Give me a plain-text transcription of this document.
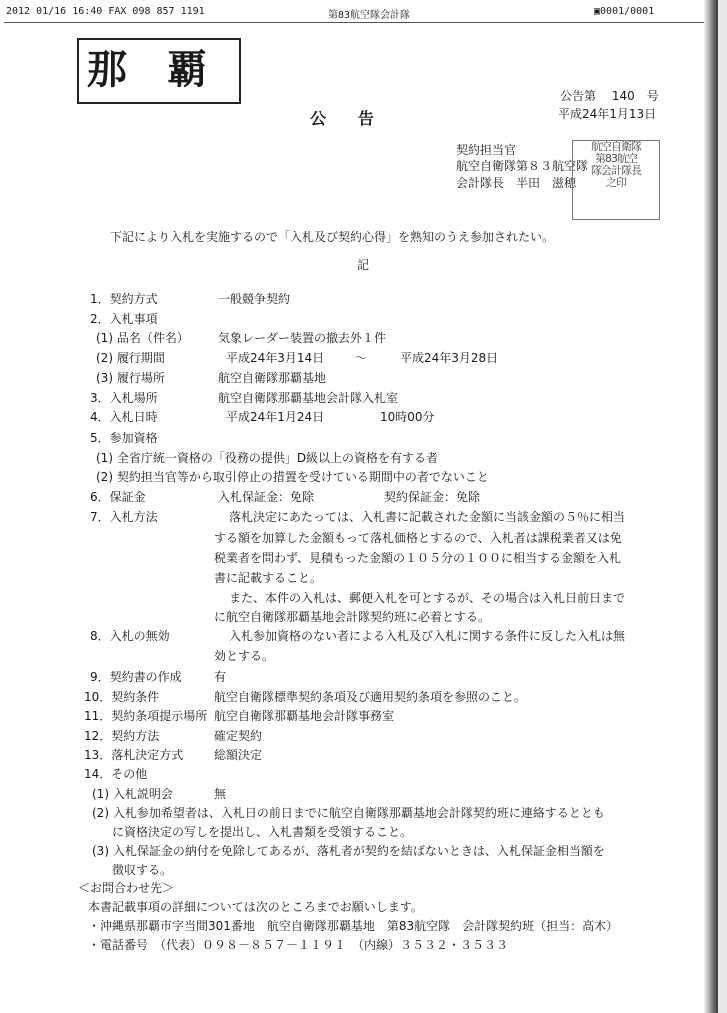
2012 01/16 16:40 FAX 098 857 1191	第83航空隊会計隊	▣0001/0001
那　覇
公　　告
公告第　 140　号
平成24年1月13日
契約担当官
航空自衛隊第８３航空隊
会計隊長　半田　滋穂
航空自衛隊
第83航空
隊会計隊長
之印
下記により入札を実施するので「入札及び契約心得」を熟知のうえ参加されたい。
記
1．契約方式	一般競争契約
2．入札事項
(1) 品名（件名） 気象レーダー装置の撤去外１件
(2) 履行期間	平成24年3月14日	～	平成24年3月28日
(3) 履行場所	航空自衛隊那覇基地
3．入札場所	航空自衛隊那覇基地会計隊入札室
4．入札日時	平成24年1月24日	10時00分
5．参加資格
(1) 全省庁統一資格の「役務の提供」D級以上の資格を有する者
(2) 契約担当官等から取引停止の措置を受けている期間中の者でないこと
6．保証金	入札保証金：免除	契約保証金：免除
7．入札方法	落札決定にあたっては、入札書に記載された金額に当該金額の５％に相当
する額を加算した金額もって落札価格とするので、入札者は課税業者又は免
税業者を問わず、見積もった金額の１０５分の１００に相当する金額を入札
書に記載すること。
また、本件の入札は、郵便入札を可とするが、その場合は入札日前日まで
に航空自衛隊那覇基地会計隊契約班に必着とする。
8．入札の無効	入札参加資格のない者による入札及び入札に関する条件に反した入札は無
効とする。
9．契約書の作成	有
10．契約条件	航空自衛隊標準契約条項及び適用契約条項を参照のこと。
11．契約条項提示場所 航空自衛隊那覇基地会計隊事務室
12．契約方法	確定契約
13．落札決定方式	総額決定
14．その他
(1) 入札説明会	無
(2) 入札参加希望者は、入札日の前日までに航空自衛隊那覇基地会計隊契約班に連絡するととも
に資格決定の写しを提出し、入札書類を受領すること。
(3) 入札保証金の納付を免除してあるが、落札者が契約を結ばないときは、入札保証金相当額を
徴収する。
＜お問合わせ先＞
本書記載事項の詳細については次のところまでお願いします。
・沖縄県那覇市字当間301番地　航空自衛隊那覇基地　第83航空隊　会計隊契約班（担当：高木）
・電話番号　（代表）０９８－８５７－１１９１　（内線）３５３２・３５３３
